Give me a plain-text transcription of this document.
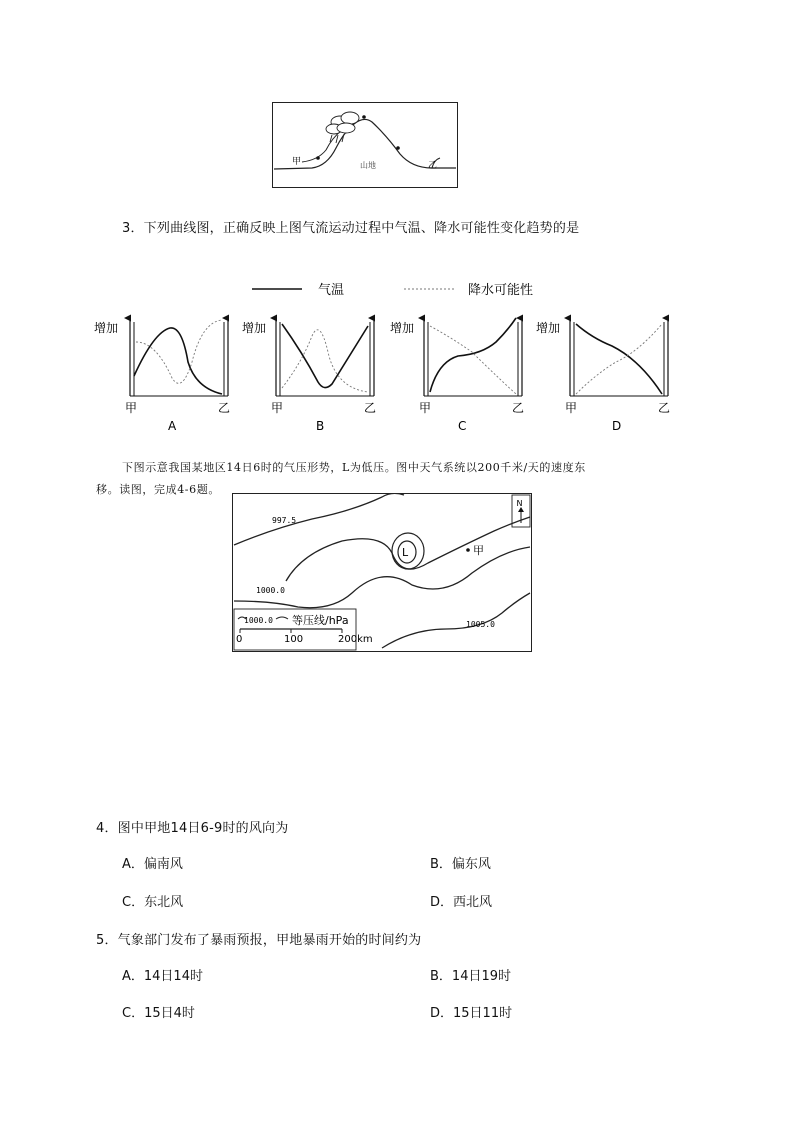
甲	山地	乙
3．下列曲线图，正确反映上图气流运动过程中气温、降水可能性变化趋势的是
气温	降水可能性
增加
甲	乙
A
增加
甲	乙
B
增加
甲	乙
C
增加
甲	乙
D
下图示意我国某地区14日6时的气压形势，L为低压。图中天气系统以200千米/天的速度东
移。读图，完成4-6题。
N
L	甲
997.5
1000.0
1005.0
1000.0 等压线/hPa
0	100	200km
4．图中甲地14日6-9时的风向为
A．偏南风	B．偏东风
C．东北风	D．西北风
5．气象部门发布了暴雨预报，甲地暴雨开始的时间约为
A．14日14时	B．14日19时
C．15日4时	D．15日11时
